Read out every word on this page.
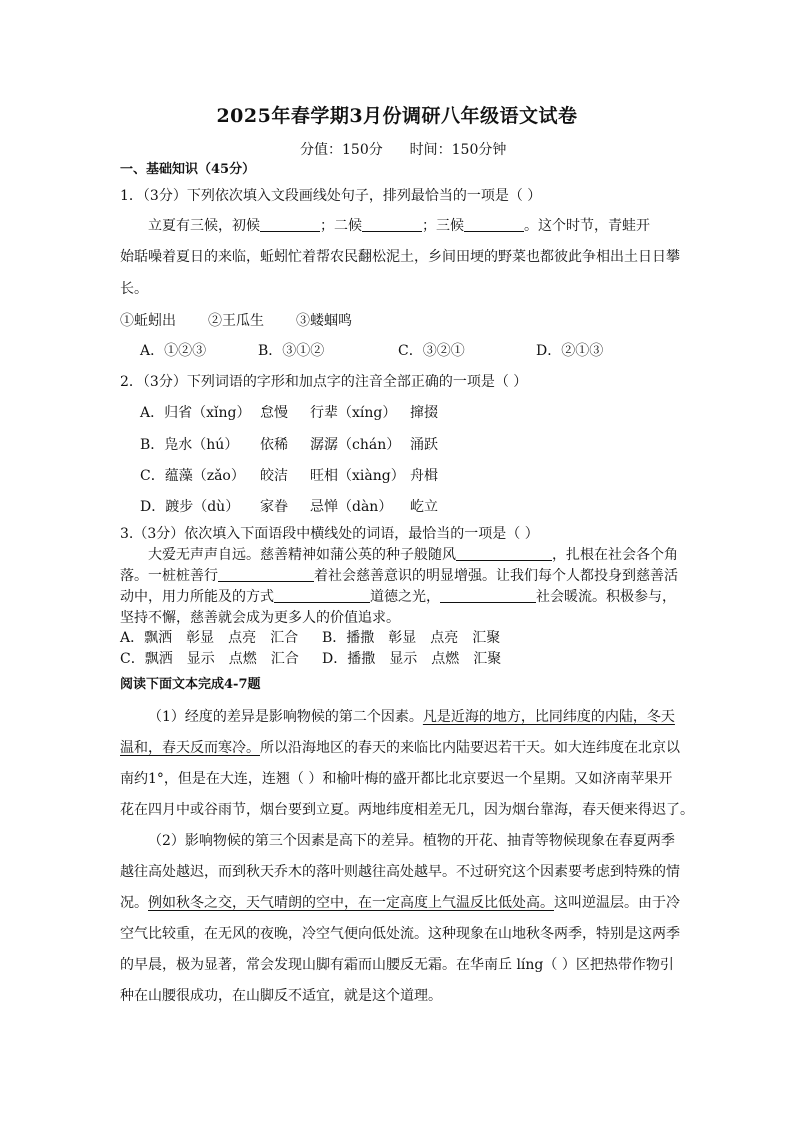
2025年春学期3月份调研八年级语文试卷
分值：150分 时间：150分钟
一、基础知识（45分）
1．（3分）下列依次填入文段画线处句子，排列最恰当的一项是（ ）
立夏有三候，初候	；二候	；三候	。这个时节，青蛙开
始聒噪着夏日的来临，蚯蚓忙着帮农民翻松泥土，乡间田埂的野菜也都彼此争相出土日日攀
长。
①蚯蚓出 ②王瓜生 ③蝼蝈鸣
A．①②③	B．③①②	C．③②①	D．②①③
2．（3分）下列词语的字形和加点字的注音全部正确的一项是（ ）
A．归省（xǐng） 怠慢 行辈（xíng） 撺掇
B．凫水（hú） 依稀 潺潺（chán） 涌跃
C．蕴藻（zǎo） 皎洁 旺相（xiàng） 舟楫
D．踱步（dù） 家眷 忌惮（dàn） 屹立
3.（3分）依次填入下面语段中横线处的词语，最恰当的一项是（ ）
大爱无声声自远。慈善精神如蒲公英的种子般随风	，扎根在社会各个角
落。一桩桩善行	着社会慈善意识的明显增强。让我们每个人都投身到慈善活
动中，用力所能及的方式	道德之光，	社会暖流。积极参与，
坚持不懈，慈善就会成为更多人的价值追求。
A．飘洒　彰显　点亮　汇合 B．播撒　彰显　点亮　汇聚
C．飘洒　显示　点燃　汇合 D．播撒　显示　点燃　汇聚
阅读下面文本完成4-7题
（1）经度的差异是影响物候的第二个因素。凡是近海的地方，比同纬度的内陆，冬天
温和，春天反而寒冷。所以沿海地区的春天的来临比内陆要迟若干天。如大连纬度在北京以
南约1°，但是在大连，连翘（ ）和榆叶梅的盛开都比北京要迟一个星期。又如济南苹果开
花在四月中或谷雨节，烟台要到立夏。两地纬度相差无几，因为烟台靠海，春天便来得迟了。
（2）影响物候的第三个因素是高下的差异。植物的开花、抽青等物候现象在春夏两季
越往高处越迟，而到秋天乔木的落叶则越往高处越早。不过研究这个因素要考虑到特殊的情
况。例如秋冬之交，天气晴朗的空中，在一定高度上气温反比低处高。这叫逆温层。由于冷
空气比较重，在无风的夜晚，冷空气便向低处流。这种现象在山地秋冬两季，特别是这两季
的早晨，极为显著，常会发现山脚有霜而山腰反无霜。在华南丘 líng（ ）区把热带作物引
种在山腰很成功，在山脚反不适宜，就是这个道理。
